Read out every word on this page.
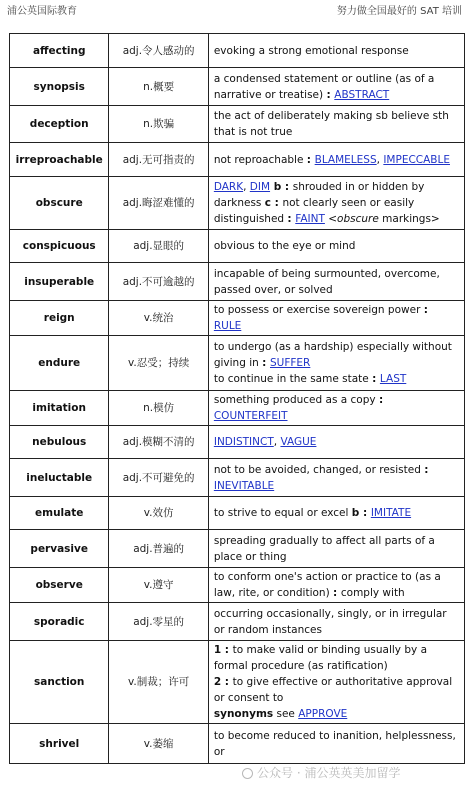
浦公英国际教育	努力做全国最好的 SAT 培训
affecting	adj.令人感动的	evoking a strong emotional response
synopsis	n.概要	a condensed statement or outline (as of a narrative or treatise) : ABSTRACT
deception	n.欺骗	the act of deliberately making sb believe sth that is not true
irreproachable	adj.无可指责的	not reproachable : BLAMELESS, IMPECCABLE
obscure	adj.晦涩难懂的	DARK, DIM b : shrouded in or hidden by darkness c : not clearly seen or easily distinguished : FAINT <obscure markings>
conspicuous	adj.显眼的	obvious to the eye or mind
insuperable	adj.不可逾越的	incapable of being surmounted, overcome, passed over, or solved
reign	v.统治	to possess or exercise sovereign power : RULE
endure	v.忍受；持续	to undergo (as a hardship) especially without giving in : SUFFER
to continue in the same state : LAST
imitation	n.模仿	something produced as a copy : COUNTERFEIT
nebulous	adj.模糊不清的	INDISTINCT, VAGUE
ineluctable	adj.不可避免的	not to be avoided, changed, or resisted : INEVITABLE
emulate	v.效仿	to strive to equal or excel b : IMITATE
pervasive	adj.普遍的	spreading gradually to affect all parts of a place or thing
observe	v.遵守	to conform one's action or practice to (as a law, rite, or condition) : comply with
sporadic	adj.零星的	occurring occasionally, singly, or in irregular or random instances
sanction	v.制裁；许可	1 : to make valid or binding usually by a formal procedure (as ratification)
2 : to give effective or authoritative approval or consent to
synonyms see APPROVE
shrivel	v.萎缩	to become reduced to inanition, helplessness, or
公众号 · 浦公英英美加留学
